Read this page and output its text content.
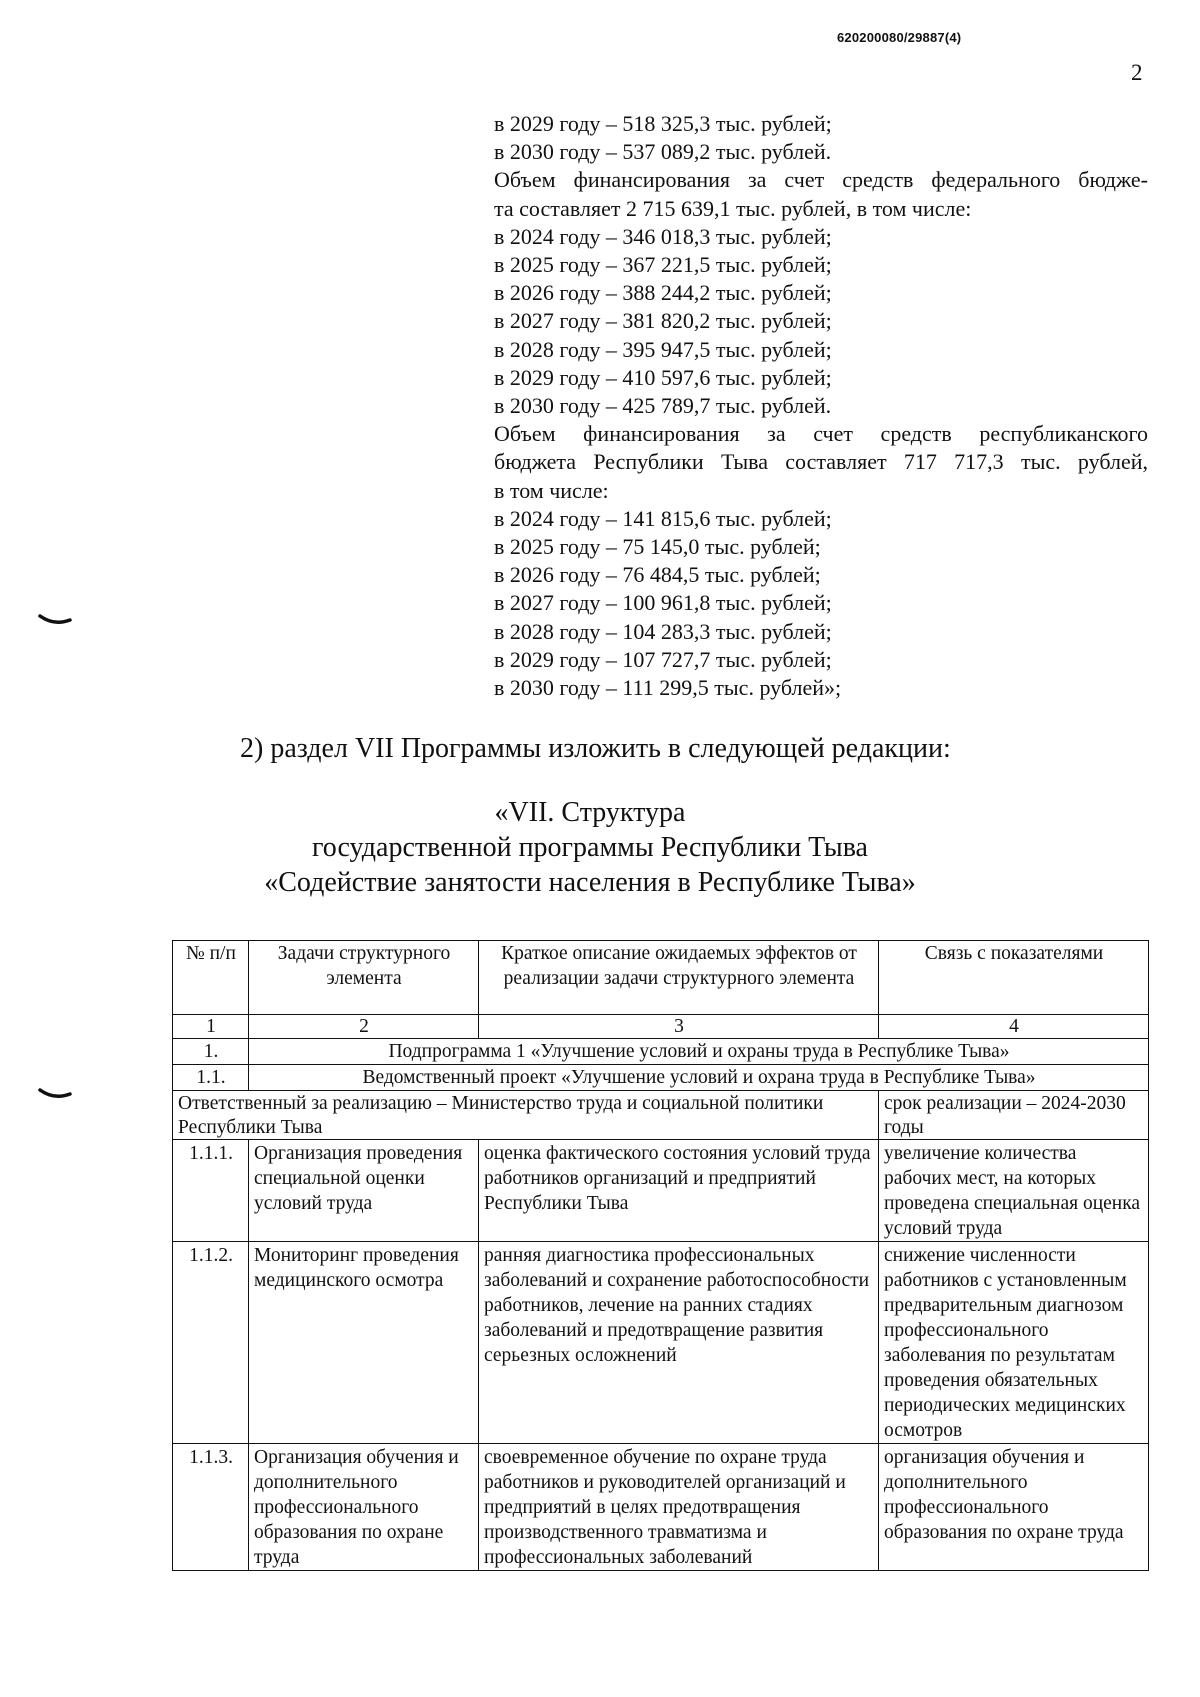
620200080/29887(4)
2
в 2029 году – 518 325,3 тыс. рублей;
в 2030 году – 537 089,2 тыс. рублей.
Объем финансирования за счет средств федерального бюдже-
та составляет 2 715 639,1 тыс. рублей, в том числе:
в 2024 году – 346 018,3 тыс. рублей;
в 2025 году – 367 221,5 тыс. рублей;
в 2026 году – 388 244,2 тыс. рублей;
в 2027 году – 381 820,2 тыс. рублей;
в 2028 году – 395 947,5 тыс. рублей;
в 2029 году – 410 597,6 тыс. рублей;
в 2030 году – 425 789,7 тыс. рублей.
Объем финансирования за счет средств республиканского
бюджета Республики Тыва составляет 717 717,3 тыс. рублей,
в том числе:
в 2024 году – 141 815,6 тыс. рублей;
в 2025 году – 75 145,0 тыс. рублей;
в 2026 году – 76 484,5 тыс. рублей;
в 2027 году – 100 961,8 тыс. рублей;
в 2028 году – 104 283,3 тыс. рублей;
в 2029 году – 107 727,7 тыс. рублей;
в 2030 году – 111 299,5 тыс. рублей»;
2) раздел VII Программы изложить в следующей редакции:
«VII. Структура
государственной программы Республики Тыва
«Содействие занятости населения в Республике Тыва»
№ п/п	Задачи структурного элемента	Краткое описание ожидаемых эффектов от реализации задачи структурного элемента	Связь с показателями
1	2	3	4
1.	Подпрограмма 1 «Улучшение условий и охраны труда в Республике Тыва»		
1.1.	Ведомственный проект «Улучшение условий и охрана труда в Республике Тыва»		
Ответственный за реализацию – Министерство труда и социальной политики Республики Тыва			срок реализации – 2024-2030 годы
1.1.1.	Организация проведения специальной оценки условий труда	оценка фактического состояния условий труда работников организаций и предприятий Республики Тыва	увеличение количества рабочих мест, на которых проведена специальная оценка условий труда
1.1.2.	Мониторинг проведения медицинского осмотра	ранняя диагностика профессиональных заболеваний и сохранение работоспособности работников, лечение на ранних стадиях заболеваний и предотвращение развития серьезных осложнений	снижение численности работников с установленным предварительным диагнозом профессионального заболевания по результатам проведения обязательных периодических медицинских осмотров
1.1.3.	Организация обучения и дополнительного профессионального образования по охране труда	своевременное обучение по охране труда работников и руководителей организаций и предприятий в целях предотвращения производственного травматизма и профессиональных заболеваний	организация обучения и дополнительного профессионального образования по охране труда
